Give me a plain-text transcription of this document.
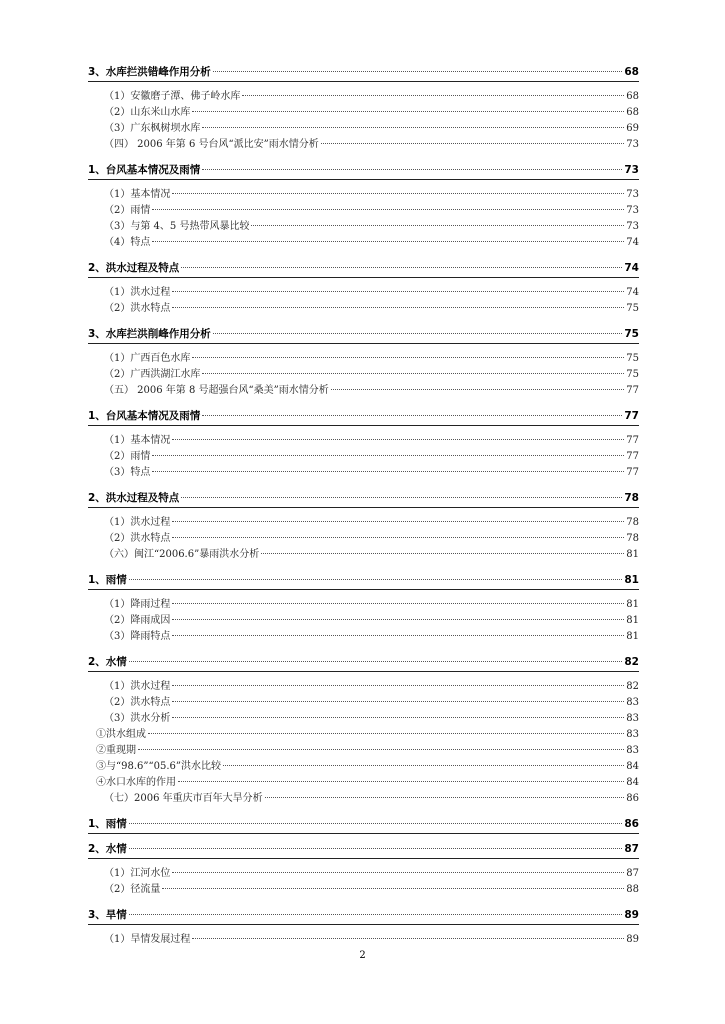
3、水库拦洪错峰作用分析	68
（1）安徽磨子潭、佛子岭水库	68
（2）山东米山水库	68
（3）广东枫树坝水库	69
（四） 2006 年第 6 号台风“派比安”雨水情分析	73
1、台风基本情况及雨情	73
（1）基本情况	73
（2）雨情	73
（3）与第 4、5 号热带风暴比较	73
（4）特点	74
2、洪水过程及特点	74
（1）洪水过程	74
（2）洪水特点	75
3、水库拦洪削峰作用分析	75
（1）广西百色水库	75
（2）广西洪湖江水库	75
（五） 2006 年第 8 号超强台风“桑美”雨水情分析	77
1、台风基本情况及雨情	77
（1）基本情况	77
（2）雨情	77
（3）特点	77
2、洪水过程及特点	78
（1）洪水过程	78
（2）洪水特点	78
（六）闽江“2006.6”暴雨洪水分析	81
1、雨情	81
（1）降雨过程	81
（2）降雨成因	81
（3）降雨特点	81
2、水情	82
（1）洪水过程	82
（2）洪水特点	83
（3）洪水分析	83
①洪水组成	83
②重现期	83
③与“98.6”“05.6”洪水比较	84
④水口水库的作用	84
（七）2006 年重庆市百年大旱分析	86
1、雨情	86
2、水情	87
（1）江河水位	87
（2）径流量	88
3、旱情	89
（1）旱情发展过程	89
2
